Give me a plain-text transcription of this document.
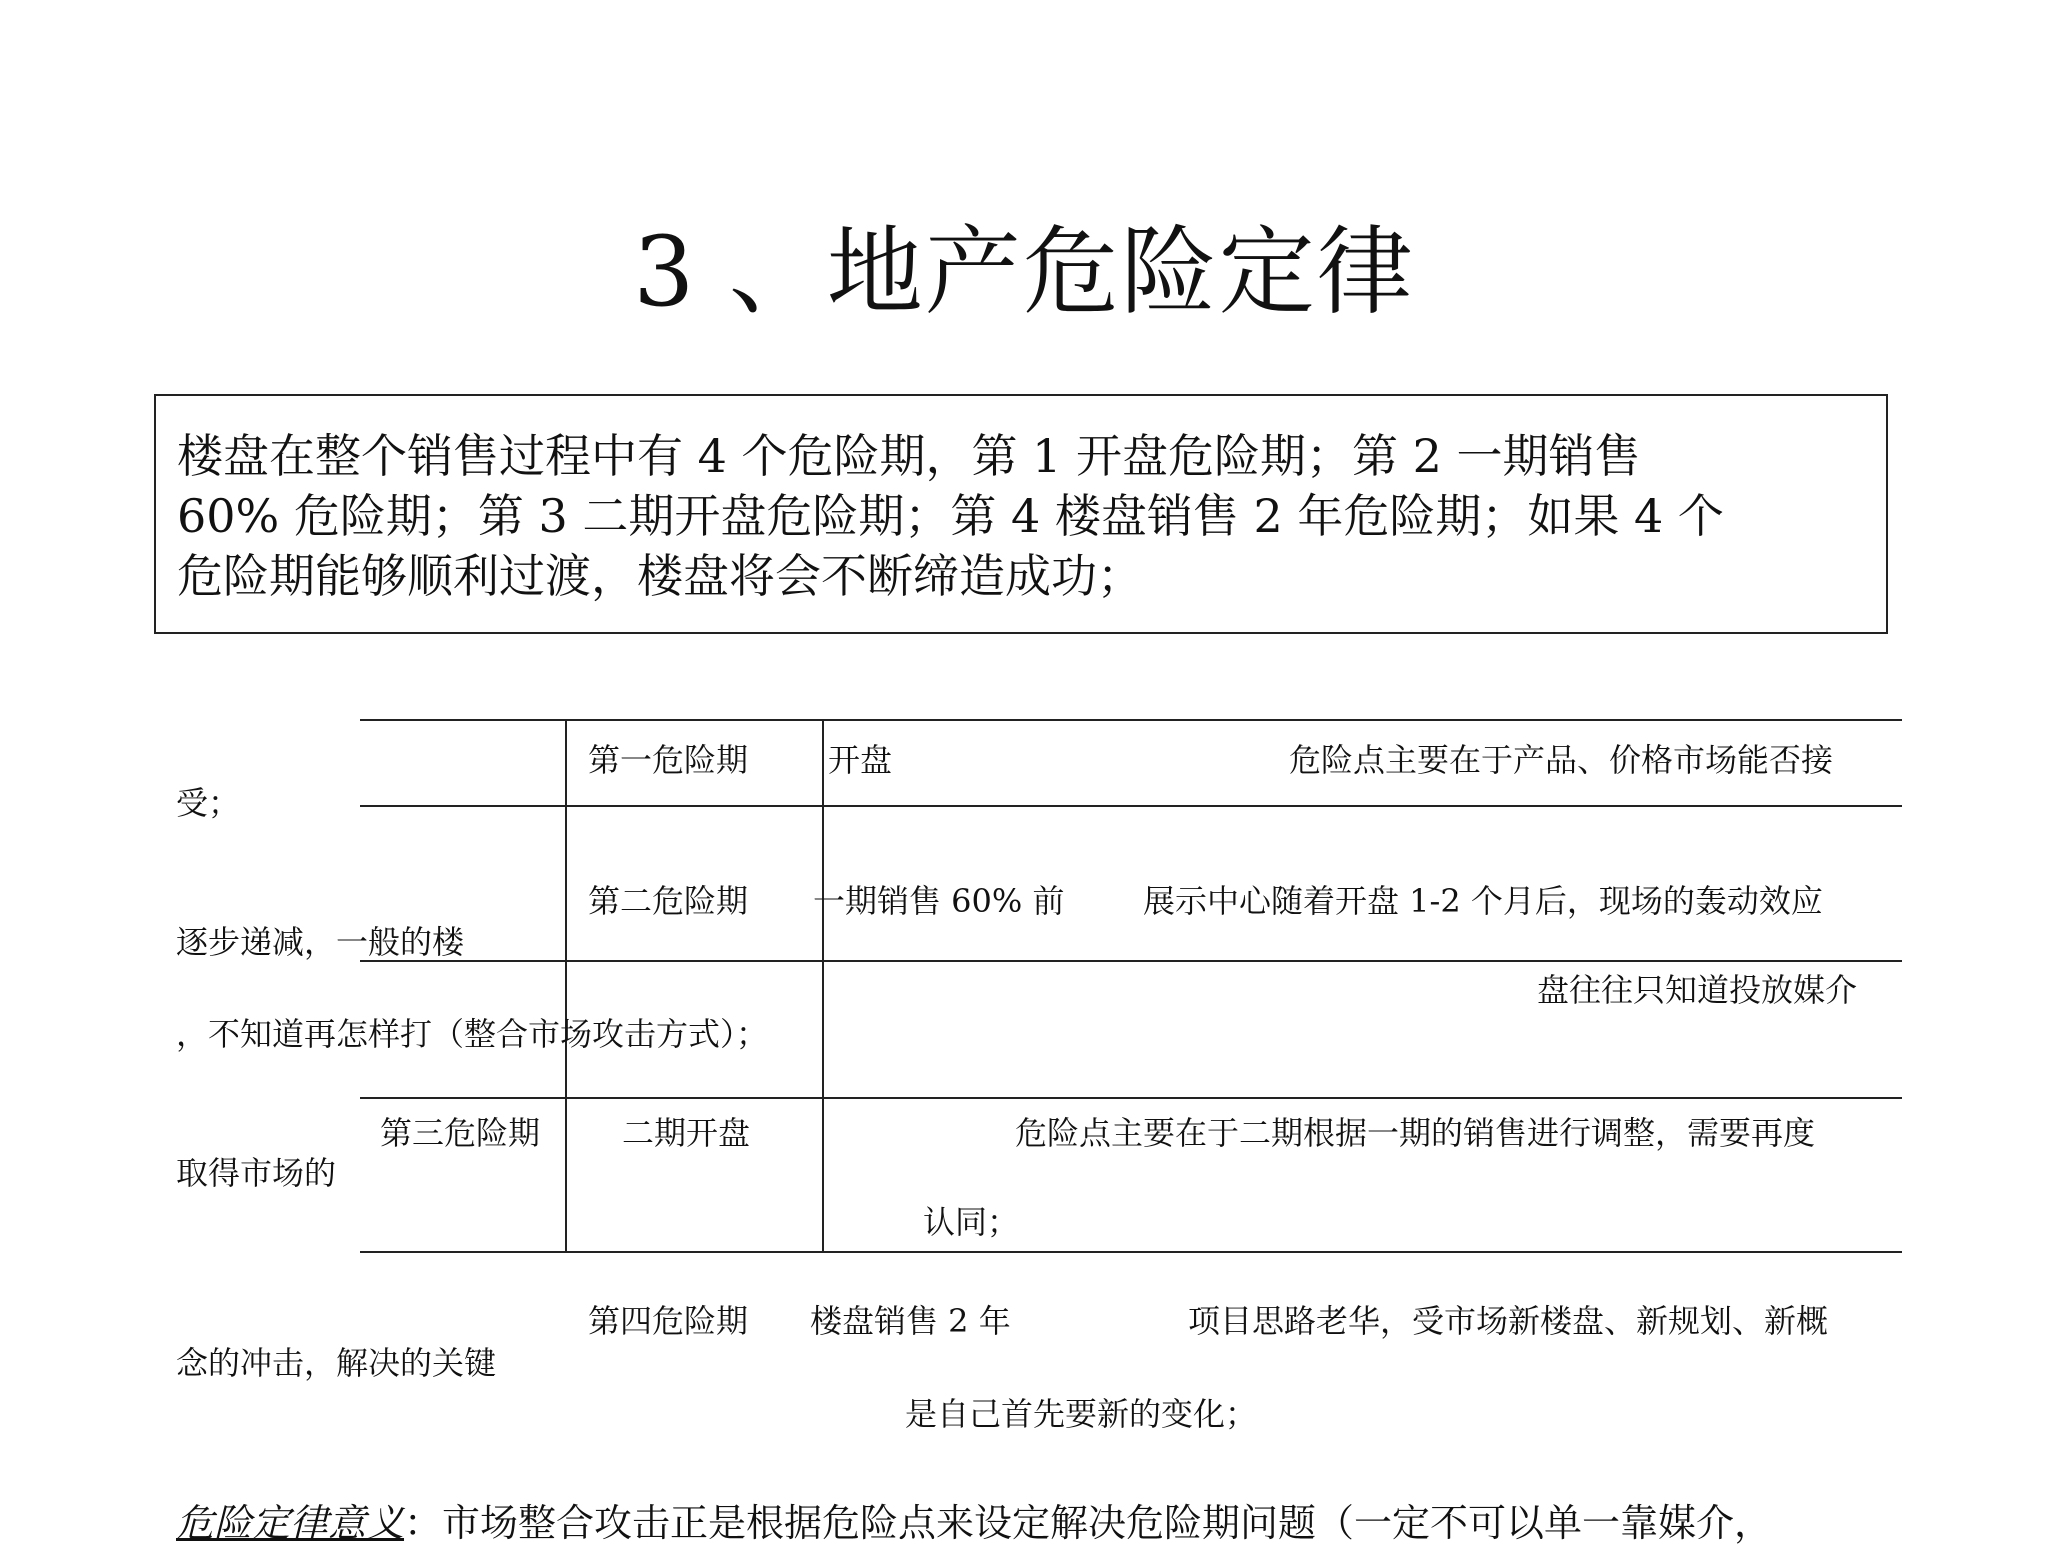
3 、地产危险定律
楼盘在整个销售过程中有 4 个危险期，第 1 开盘危险期；第 2 一期销售
60% 危险期；第 3 二期开盘危险期；第 4 楼盘销售 2 年危险期；如果 4 个
危险期能够顺利过渡，楼盘将会不断缔造成功；
第一危险期 开盘	危险点主要在于产品、价格市场能否接
受；
第二危险期 一期销售 60% 前 展示中心随着开盘 1-2 个月后，现场的轰动效应
逐步递减，一般的楼
盘往往只知道投放媒介
，不知道再怎样打（整合市场攻击方式）；
第三危险期	二期开盘	危险点主要在于二期根据一期的销售进行调整，需要再度
取得市场的
认同；
第四危险期 楼盘销售 2 年	项目思路老华，受市场新楼盘、新规划、新概
念的冲击，解决的关键
是自己首先要新的变化；
危险定律意义：市场整合攻击正是根据危险点来设定解决危险期问题（一定不可以单一靠媒介，
